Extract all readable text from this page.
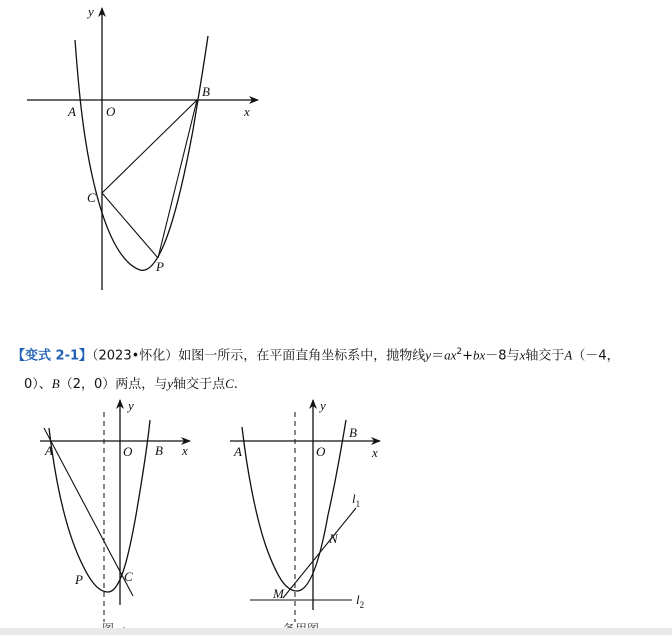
x
y
A O
B
C
P
x
y
A	O B
C
P
x
y
A	O
B
N
M
$l_1$
$l_2$
【变式 2-1】（2023•怀化）如图一所示，在平面直角坐标系中，抛物线$y=ax^2+bx-8$与x轴交于A（－4，
0）、B（2，0）两点，与y轴交于点C.
